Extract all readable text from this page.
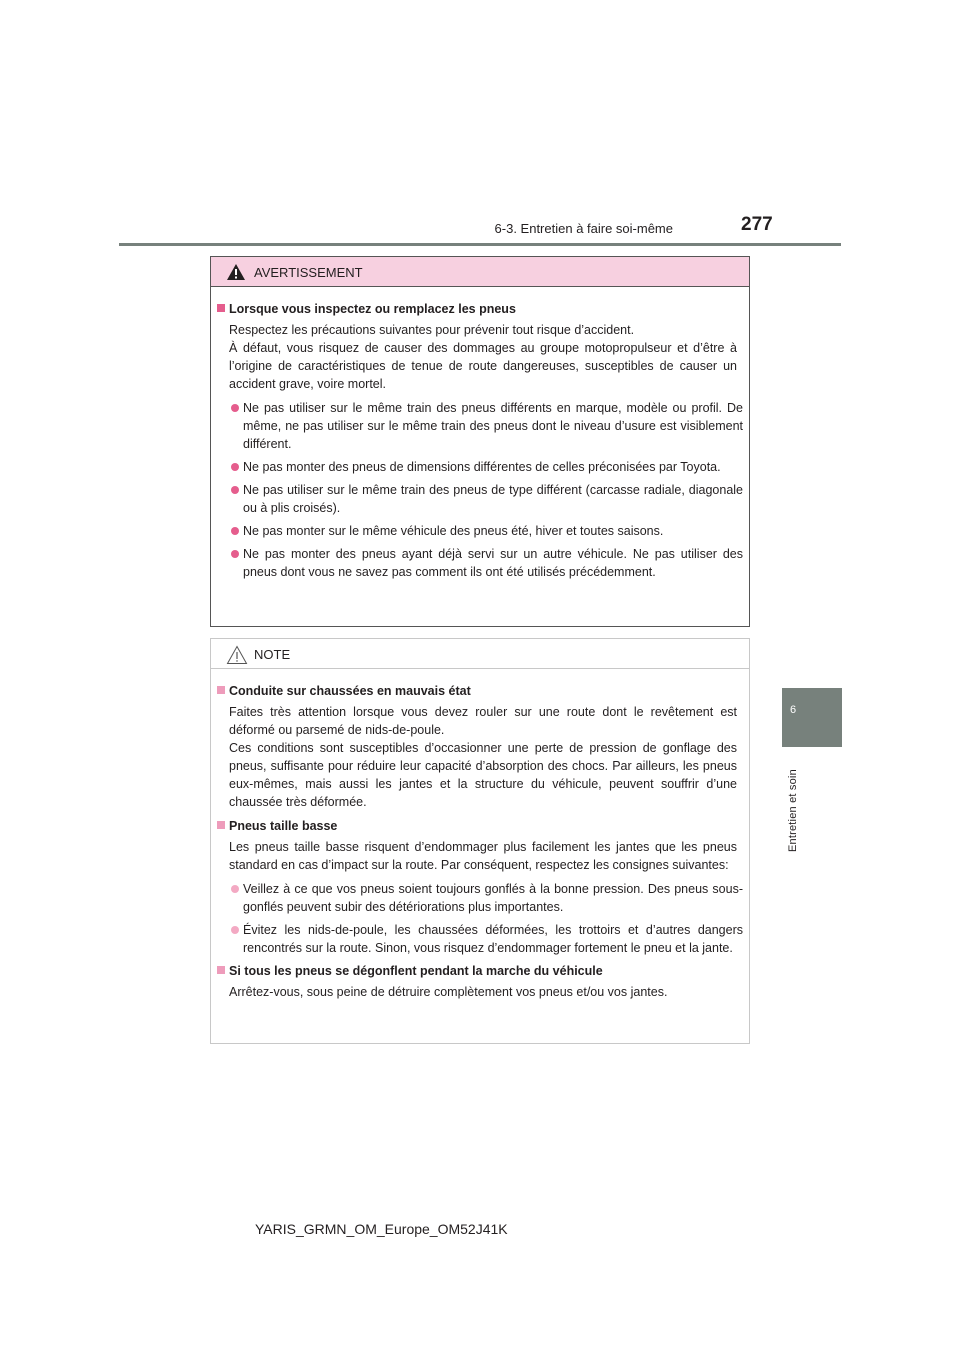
6-3. Entretien à faire soi-même	277
6
Entretien et soin
AVERTISSEMENT
Lorsque vous inspectez ou remplacez les pneus
Respectez les précautions suivantes pour prévenir tout risque d’accident.
À défaut, vous risquez de causer des dommages au groupe motopropulseur et d’être à l’origine de caractéristiques de tenue de route dangereuses, susceptibles de causer un accident grave, voire mortel.
Ne pas utiliser sur le même train des pneus différents en marque, modèle ou profil. De même, ne pas utiliser sur le même train des pneus dont le niveau d’usure est visiblement différent.
Ne pas monter des pneus de dimensions différentes de celles préconisées par Toyota.
Ne pas utiliser sur le même train des pneus de type différent (carcasse radiale, diagonale ou à plis croisés).
Ne pas monter sur le même véhicule des pneus été, hiver et toutes saisons.
Ne pas monter des pneus ayant déjà servi sur un autre véhicule. Ne pas utiliser des pneus dont vous ne savez pas comment ils ont été utilisés précédemment.
NOTE
Conduite sur chaussées en mauvais état
Faites très attention lorsque vous devez rouler sur une route dont le revêtement est déformé ou parsemé de nids-de-poule.
Ces conditions sont susceptibles d’occasionner une perte de pression de gonflage des pneus, suffisante pour réduire leur capacité d’absorption des chocs. Par ailleurs, les pneus eux-mêmes, mais aussi les jantes et la structure du véhicule, peuvent souffrir d’une chaussée très déformée.
Pneus taille basse
Les pneus taille basse risquent d’endommager plus facilement les jantes que les pneus standard en cas d’impact sur la route. Par conséquent, respectez les consignes suivantes:
Veillez à ce que vos pneus soient toujours gonflés à la bonne pression. Des pneus sous-gonflés peuvent subir des détériorations plus importantes.
Évitez les nids-de-poule, les chaussées déformées, les trottoirs et d’autres dangers rencontrés sur la route. Sinon, vous risquez d’endommager fortement le pneu et la jante.
Si tous les pneus se dégonflent pendant la marche du véhicule
Arrêtez-vous, sous peine de détruire complètement vos pneus et/ou vos jantes.
YARIS_GRMN_OM_Europe_OM52J41K
